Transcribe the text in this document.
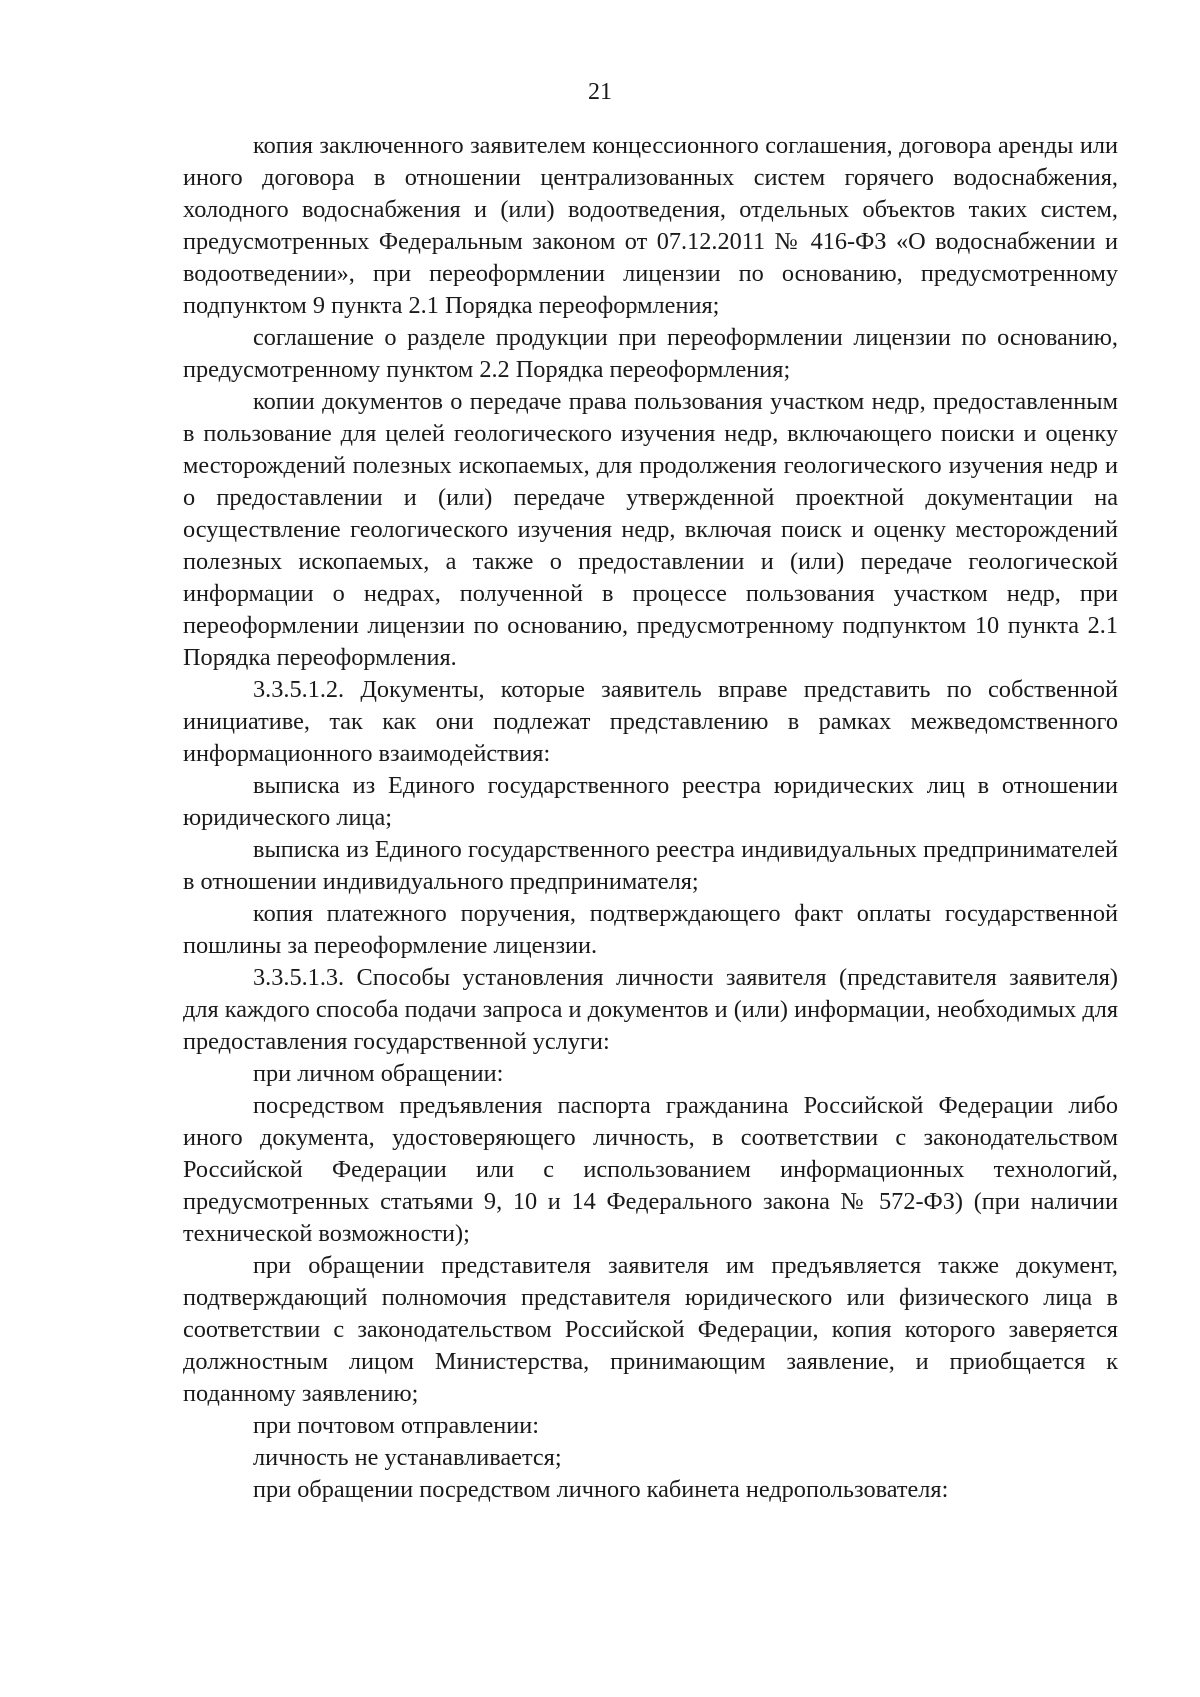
21

копия заключенного заявителем концессионного соглашения, договора аренды или иного договора в отношении централизованных систем горячего водоснабжения, холодного водоснабжения и (или) водоотведения, отдельных объектов таких систем, предусмотренных Федеральным законом от 07.12.2011 № 416-ФЗ «О водоснабжении и водоотведении», при переоформлении лицензии по основанию, предусмотренному подпунктом 9 пункта 2.1 Порядка переоформления;

соглашение о разделе продукции при переоформлении лицензии по основанию, предусмотренному пунктом 2.2 Порядка переоформления;

копии документов о передаче права пользования участком недр, предоставленным в пользование для целей геологического изучения недр, включающего поиски и оценку месторождений полезных ископаемых, для продолжения геологического изучения недр и о предоставлении и (или) передаче утвержденной проектной документации на осуществление геологического изучения недр, включая поиск и оценку месторождений полезных ископаемых, а также о предоставлении и (или) передаче геологической информации о недрах, полученной в процессе пользования участком недр, при переоформлении лицензии по основанию, предусмотренному подпунктом 10 пункта 2.1 Порядка переоформления.

3.3.5.1.2. Документы, которые заявитель вправе представить по собственной инициативе, так как они подлежат представлению в рамках межведомственного информационного взаимодействия:

выписка из Единого государственного реестра юридических лиц в отношении юридического лица;

выписка из Единого государственного реестра индивидуальных предпринимателей в отношении индивидуального предпринимателя;

копия платежного поручения, подтверждающего факт оплаты государственной пошлины за переоформление лицензии.

3.3.5.1.3. Способы установления личности заявителя (представителя заявителя) для каждого способа подачи запроса и документов и (или) информации, необходимых для предоставления государственной услуги:

при личном обращении:

посредством предъявления паспорта гражданина Российской Федерации либо иного документа, удостоверяющего личность, в соответствии с законодательством Российской Федерации или с использованием информационных технологий, предусмотренных статьями 9, 10 и 14 Федерального закона № 572-ФЗ) (при наличии технической возможности);

при обращении представителя заявителя им предъявляется также документ, подтверждающий полномочия представителя юридического или физического лица в соответствии с законодательством Российской Федерации, копия которого заверяется должностным лицом Министерства, принимающим заявление, и приобщается к поданному заявлению;

при почтовом отправлении:

личность не устанавливается;

при обращении посредством личного кабинета недропользователя:
